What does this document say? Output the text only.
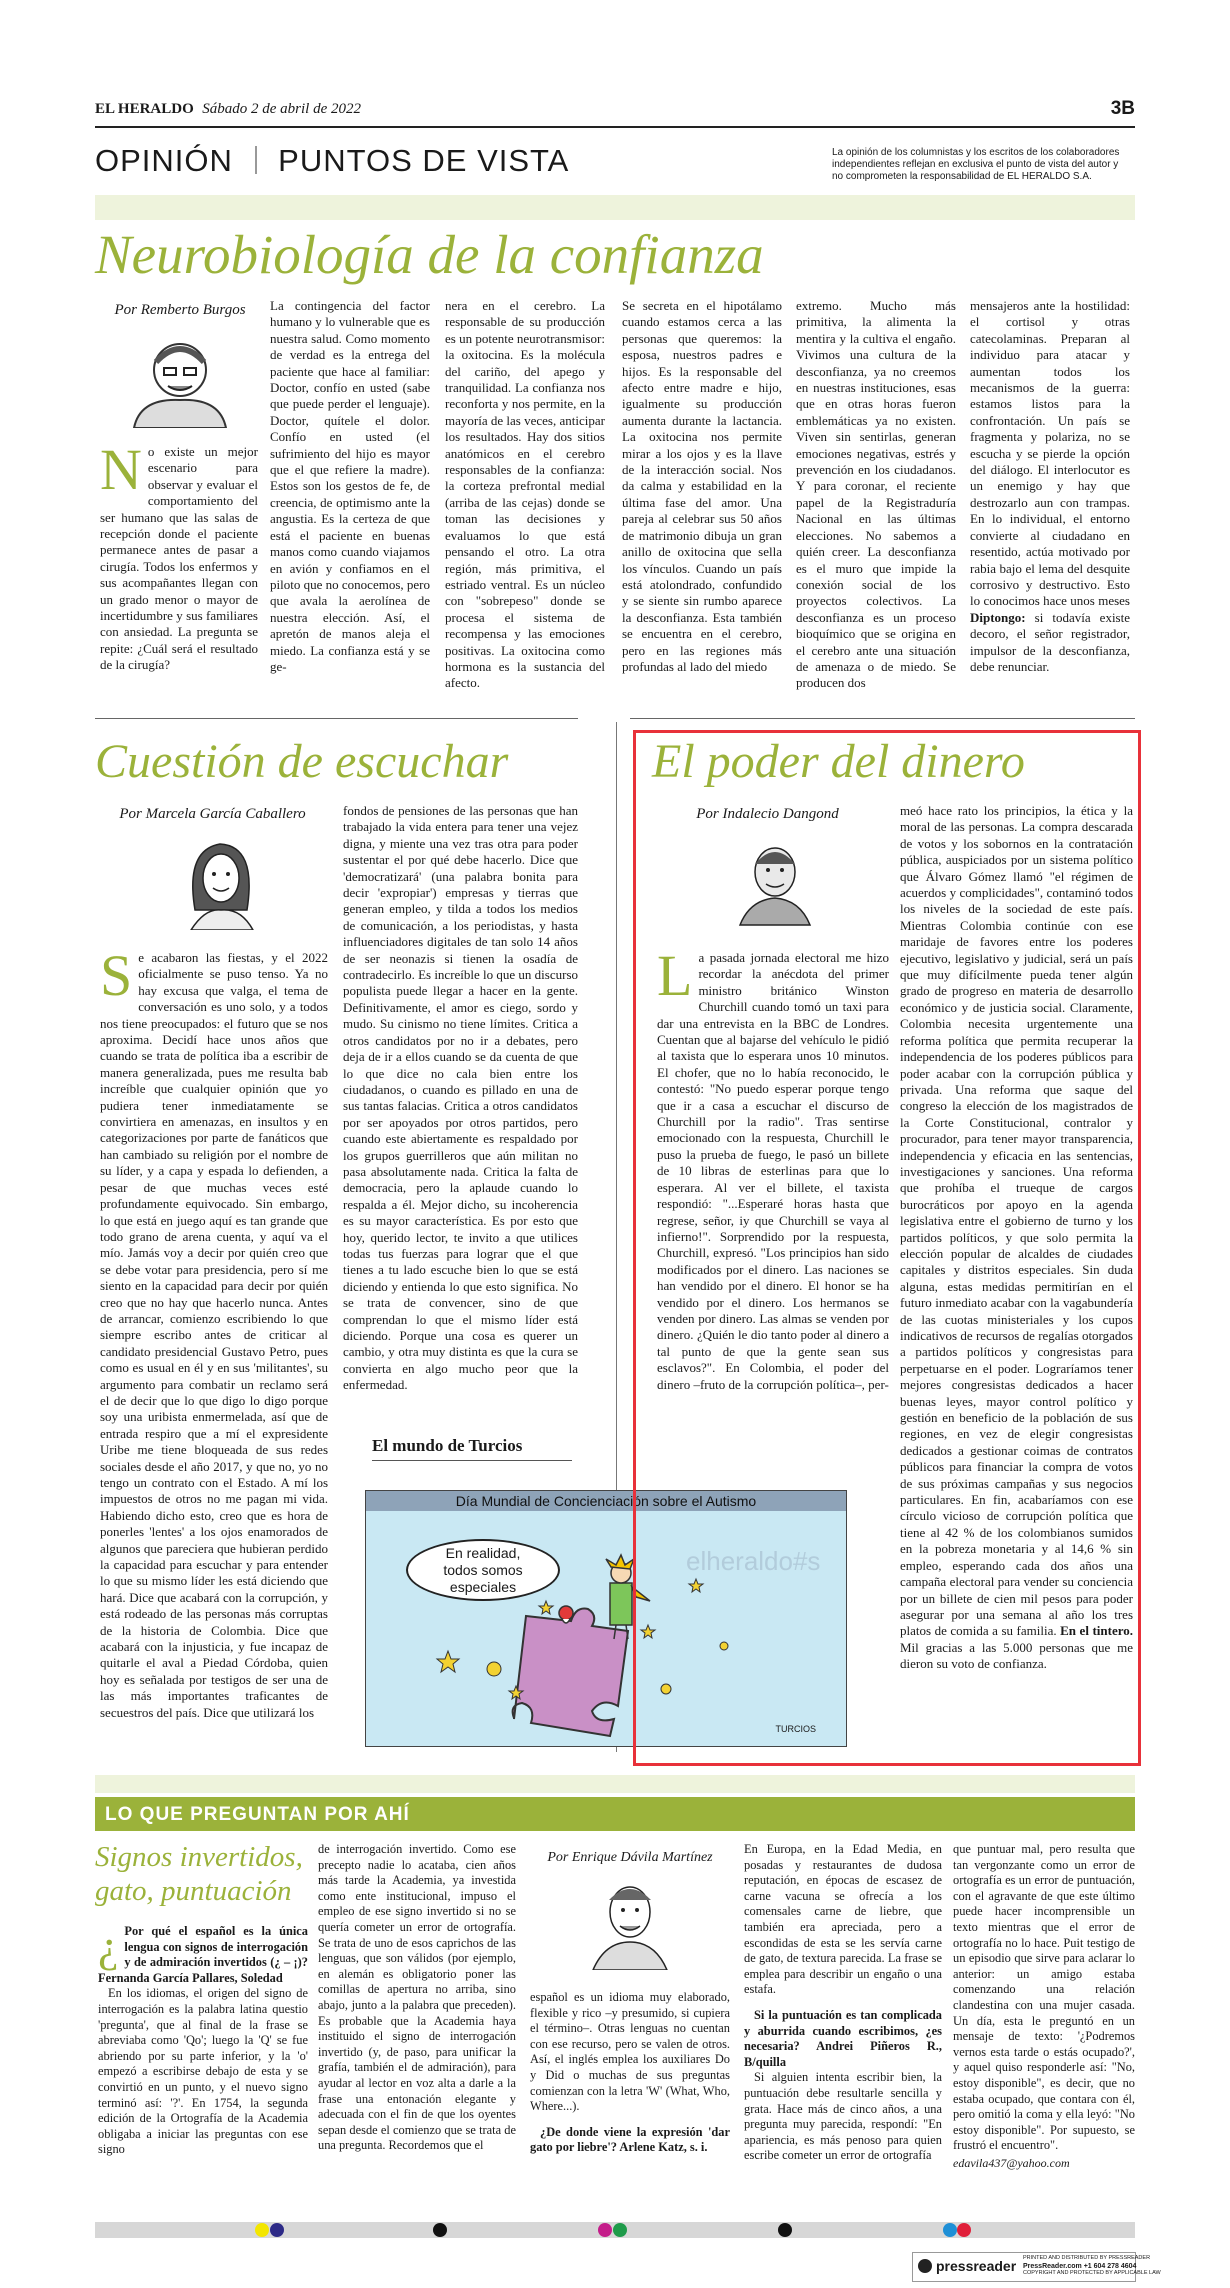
EL HERALDO Sábado 2 de abril de 2022	3B
OPINIÓN PUNTOS DE VISTA	La opinión de los columnistas y los escritos de los colaboradores independientes reflejan en exclusiva el punto de vista del autor y no comprometen la responsabilidad de EL HERALDO S.A.
Neurobiología de la confianza
Por Remberto Burgos
N o existe un mejor escenario para observar y evaluar el comportamiento del ser humano que las salas de recepción donde el paciente permanece antes de pasar a cirugía. Todos los enfermos y sus acompañantes llegan con un grado menor o mayor de incertidumbre y sus familiares con ansiedad. La pregunta se repite: ¿Cuál será el resultado de la cirugía?
La contingencia del factor humano y lo vulnerable que es nuestra salud. Como momento de verdad es la entrega del paciente que hace al familiar: Doctor, confío en usted (sabe que puede perder el lenguaje). Doctor, quítele el dolor. Confío en usted (el sufrimiento del hijo es mayor que el que refiere la madre). Estos son los gestos de fe, de creencia, de optimismo ante la angustia. Es la certeza de que está el paciente en buenas manos como cuando viajamos en avión y confiamos en el piloto que no conocemos, pero que avala la aerolínea de nuestra elección. Así, el apretón de manos aleja el miedo. La confianza está y se ge-
nera en el cerebro. La responsable de su producción es un potente neurotransmisor: la oxitocina. Es la molécula del cariño, del apego y tranquilidad. La confianza nos reconforta y nos permite, en la mayoría de las veces, anticipar los resultados. Hay dos sitios anatómicos en el cerebro responsables de la confianza: la corteza prefrontal medial (arriba de las cejas) donde se toman las decisiones y evaluamos lo que está pensando el otro. La otra región, más primitiva, el estriado ventral. Es un núcleo con "sobrepeso" donde se procesa el sistema de recompensa y las emociones positivas. La oxitocina como hormona es la sustancia del afecto.
Se secreta en el hipotálamo cuando estamos cerca a las personas que queremos: la esposa, nuestros padres e hijos. Es la responsable del afecto entre madre e hijo, igualmente su producción aumenta durante la lactancia. La oxitocina nos permite mirar a los ojos y es la llave de la interacción social. Nos da calma y estabilidad en la última fase del amor. Una pareja al celebrar sus 50 años de matrimonio dibuja un gran anillo de oxitocina que sella los vínculos. Cuando un país está atolondrado, confundido y se siente sin rumbo aparece la desconfianza. Esta también se encuentra en el cerebro, pero en las regiones más profundas al lado del miedo
extremo. Mucho más primitiva, la alimenta la mentira y la cultiva el engaño. Vivimos una cultura de la desconfianza, ya no creemos en nuestras instituciones, esas que en otras horas fueron emblemáticas ya no existen. Viven sin sentirlas, generan emociones negativas, estrés y prevención en los ciudadanos. Y para coronar, el reciente papel de la Registraduría Nacional en las últimas elecciones. No sabemos a quién creer. La desconfianza es el muro que impide la conexión social de los proyectos colectivos. La desconfianza es un proceso bioquímico que se origina en el cerebro ante una situación de amenaza o de miedo. Se producen dos
mensajeros ante la hostilidad: el cortisol y otras catecolaminas. Preparan al individuo para atacar y aumentan todos los mecanismos de la guerra: estamos listos para la confrontación. Un país se fragmenta y polariza, no se escucha y se pierde la opción del diálogo. El interlocutor es un enemigo y hay que destrozarlo aun con trampas. En lo individual, el entorno convierte al ciudadano en resentido, actúa motivado por rabia bajo el lema del desquite corrosivo y destructivo. Esto lo conocimos hace unos meses Diptongo: si todavía existe decoro, el señor registrador, impulsor de la desconfianza, debe renunciar.
Cuestión de escuchar
Por Marcela García Caballero
S e acabaron las fiestas, y el 2022 oficialmente se puso tenso. Ya no hay excusa que valga, el tema de conversación es uno solo, y a todos nos tiene preocupados: el futuro que se nos aproxima. Decidí hace unos años que cuando se trata de política iba a escribir de manera generalizada, pues me resulta bab increíble que cualquier opinión que yo pudiera tener inmediatamente se convirtiera en amenazas, en insultos y en categorizaciones por parte de fanáticos que han cambiado su religión por el nombre de su líder, y a capa y espada lo defienden, a pesar de que muchas veces esté profundamente equivocado. Sin embargo, lo que está en juego aquí es tan grande que todo grano de arena cuenta, y aquí va el mío. Jamás voy a decir por quién creo que se debe votar para presidencia, pero sí me siento en la capacidad para decir por quién creo que no hay que hacerlo nunca. Antes de arrancar, comienzo escribiendo lo que siempre escribo antes de criticar al candidato presidencial Gustavo Petro, pues como es usual en él y en sus 'militantes', su argumento para combatir un reclamo será el de decir que lo que digo lo digo porque soy una uribista enmermelada, así que de entrada respiro que a mí el expresidente Uribe me tiene bloqueada de sus redes sociales desde el año 2017, y que no, yo no tengo un contrato con el Estado. A mí los impuestos de otros no me pagan mi vida. Habiendo dicho esto, creo que es hora de ponerles 'lentes' a los ojos enamorados de algunos que pareciera que hubieran perdido la capacidad para escuchar y para entender lo que su mismo líder les está diciendo que hará. Dice que acabará con la corrupción, y está rodeado de las personas más corruptas de la historia de Colombia. Dice que acabará con la injusticia, y fue incapaz de quitarle el aval a Piedad Córdoba, quien hoy es señalada por testigos de ser una de las más importantes traficantes de secuestros del país. Dice que utilizará los
fondos de pensiones de las personas que han trabajado la vida entera para tener una vejez digna, y miente una vez tras otra para poder sustentar el por qué debe hacerlo. Dice que 'democratizará' (una palabra bonita para decir 'expropiar') empresas y tierras que generan empleo, y tilda a todos los medios de comunicación, a los periodistas, y hasta influenciadores digitales de tan solo 14 años de ser neonazis si tienen la osadía de contradecirlo. Es increíble lo que un discurso populista puede llegar a hacer en la gente. Definitivamente, el amor es ciego, sordo y mudo. Su cinismo no tiene límites. Critica a otros candidatos por no ir a debates, pero deja de ir a ellos cuando se da cuenta de que lo que dice no cala bien entre los ciudadanos, o cuando es pillado en una de sus tantas falacias. Critica a otros candidatos por ser apoyados por otros partidos, pero cuando este abiertamente es respaldado por los grupos guerrilleros que aún militan no pasa absolutamente nada. Critica la falta de democracia, pero la aplaude cuando lo respalda a él. Mejor dicho, su incoherencia es su mayor característica. Es por esto que hoy, querido lector, te invito a que utilices todas tus fuerzas para lograr que el que tienes a tu lado escuche bien lo que se está diciendo y entienda lo que esto significa. No se trata de convencer, sino de que comprendan lo que el mismo líder está diciendo. Porque una cosa es querer un cambio, y otra muy distinta es que la cura se convierta en algo mucho peor que la enfermedad.
El mundo de Turcios
Día Mundial de Concienciación sobre el Autismo
En realidad, todos somos especiales
elheraldo#s
TURCIOS
El poder del dinero
Por Indalecio Dangond
L a pasada jornada electoral me hizo recordar la anécdota del primer ministro británico Winston Churchill cuando tomó un taxi para dar una entrevista en la BBC de Londres. Cuentan que al bajarse del vehículo le pidió al taxista que lo esperara unos 10 minutos. El chofer, que no lo había reconocido, le contestó: "No puedo esperar porque tengo que ir a casa a escuchar el discurso de Churchill por la radio". Tras sentirse emocionado con la respuesta, Churchill le puso la prueba de fuego, le pasó un billete de 10 libras de esterlinas para que lo esperara. Al ver el billete, el taxista respondió: "...Esperaré horas hasta que regrese, señor, iy que Churchill se vaya al infierno!". Sorprendido por la respuesta, Churchill, expresó. "Los principios han sido modificados por el dinero. Las naciones se han vendido por el dinero. El honor se ha vendido por el dinero. Los hermanos se venden por dinero. Las almas se venden por dinero. ¿Quién le dio tanto poder al dinero a tal punto de que la gente sean sus esclavos?". En Colombia, el poder del dinero –fruto de la corrupción política–, per-
meó hace rato los principios, la ética y la moral de las personas. La compra descarada de votos y los sobornos en la contratación pública, auspiciados por un sistema político que Álvaro Gómez llamó "el régimen de acuerdos y complicidades", contaminó todos los niveles de la sociedad de este país. Mientras Colombia continúe con ese maridaje de favores entre los poderes ejecutivo, legislativo y judicial, será un país que muy difícilmente pueda tener algún grado de progreso en materia de desarrollo económico y de justicia social. Claramente, Colombia necesita urgentemente una reforma política que permita recuperar la independencia de los poderes públicos para poder acabar con la corrupción pública y privada. Una reforma que saque del congreso la elección de los magistrados de la Corte Constitucional, contralor y procurador, para tener mayor transparencia, independencia y eficacia en las sentencias, investigaciones y sanciones. Una reforma que prohíba el trueque de cargos burocráticos por apoyo en la agenda legislativa entre el gobierno de turno y los partidos políticos, y que solo permita la elección popular de alcaldes de ciudades capitales y distritos especiales. Sin duda alguna, estas medidas permitirían en el futuro inmediato acabar con la vagabundería de las cuotas ministeriales y los cupos indicativos de recursos de regalías otorgados a partidos políticos y congresistas para perpetuarse en el poder. Lograríamos tener mejores congresistas dedicados a hacer buenas leyes, mayor control político y gestión en beneficio de la población de sus regiones, en vez de elegir congresistas dedicados a gestionar coimas de contratos públicos para financiar la compra de votos de sus próximas campañas y sus negocios particulares. En fin, acabaríamos con ese círculo vicioso de corrupción política que tiene al 42 % de los colombianos sumidos en la pobreza monetaria y al 14,6 % sin empleo, esperando cada dos años una campaña electoral para vender su conciencia por un billete de cien mil pesos para poder asegurar por una semana al año los tres platos de comida a su familia. En el tintero. Mil gracias a las 5.000 personas que me dieron su voto de confianza.
LO QUE PREGUNTAN POR AHÍ
Signos invertidos, gato, puntuación
¿ Por qué el español es la única lengua con signos de interrogación y de admiración invertidos (¿ – ¡)? Fernanda García Pallares, Soledad
En los idiomas, el origen del signo de interrogación es la palabra latina questio 'pregunta', que al final de la frase se abreviaba como 'Qo'; luego la 'Q' se fue abriendo por su parte inferior, y la 'o' empezó a escribirse debajo de esta y se convirtió en un punto, y el nuevo signo terminó así: '?'. En 1754, la segunda edición de la Ortografía de la Academia obligaba a iniciar las preguntas con ese signo
de interrogación invertido. Como ese precepto nadie lo acataba, cien años más tarde la Academia, ya investida como ente institucional, impuso el empleo de ese signo invertido si no se quería cometer un error de ortografía. Se trata de uno de esos caprichos de las lenguas, que son válidos (por ejemplo, en alemán es obligatorio poner las comillas de apertura no arriba, sino abajo, junto a la palabra que preceden). Es probable que la Academia haya instituido el signo de interrogación invertido (y, de paso, para unificar la grafía, también el de admiración), para ayudar al lector en voz alta a darle a la frase una entonación elegante y adecuada con el fin de que los oyentes sepan desde el comienzo que se trata de una pregunta. Recordemos que el
Por Enrique Dávila Martínez
español es un idioma muy elaborado, flexible y rico –y presumido, si cupiera el término–. Otras lenguas no cuentan con ese recurso, pero se valen de otros. Así, el inglés emplea los auxiliares Do y Did o muchas de sus preguntas comienzan con la letra 'W' (What, Who, Where...).
¿De donde viene la expresión 'dar gato por liebre'? Arlene Katz, s. i.
En Europa, en la Edad Media, en posadas y restaurantes de dudosa reputación, en épocas de escasez de carne vacuna se ofrecía a los comensales carne de liebre, que también era apreciada, pero a escondidas de esta se les servía carne de gato, de textura parecida. La frase se emplea para describir un engaño o una estafa.
Si la puntuación es tan complicada y aburrida cuando escribimos, ¿es necesaria? Andrei Piñeros R., B/quilla
Si alguien intenta escribir bien, la puntuación debe resultarle sencilla y grata. Hace más de cinco años, a una pregunta muy parecida, respondí: "En apariencia, es más penoso para quien escribe cometer un error de ortografía
que puntuar mal, pero resulta que tan vergonzante como un error de ortografía es un error de puntuación, con el agravante de que este último puede hacer incomprensible un texto mientras que el error de ortografía no lo hace. Puit testigo de un episodio que sirve para aclarar lo anterior: un amigo estaba comenzando una relación clandestina con una mujer casada. Un día, esta le preguntó en un mensaje de texto: '¿Podremos vernos esta tarde o estás ocupado?', y aquel quiso responderle así: "No, estoy disponible", es decir, que no estaba ocupado, que contara con él, pero omitió la coma y ella leyó: "No estoy disponible". Por supuesto, se frustró el encuentro".
edavila437@yahoo.com
pressreader PRINTED AND DISTRIBUTED BY PRESSREADER
PressReader.com +1 604 278 4604
COPYRIGHT AND PROTECTED BY APPLICABLE LAW
